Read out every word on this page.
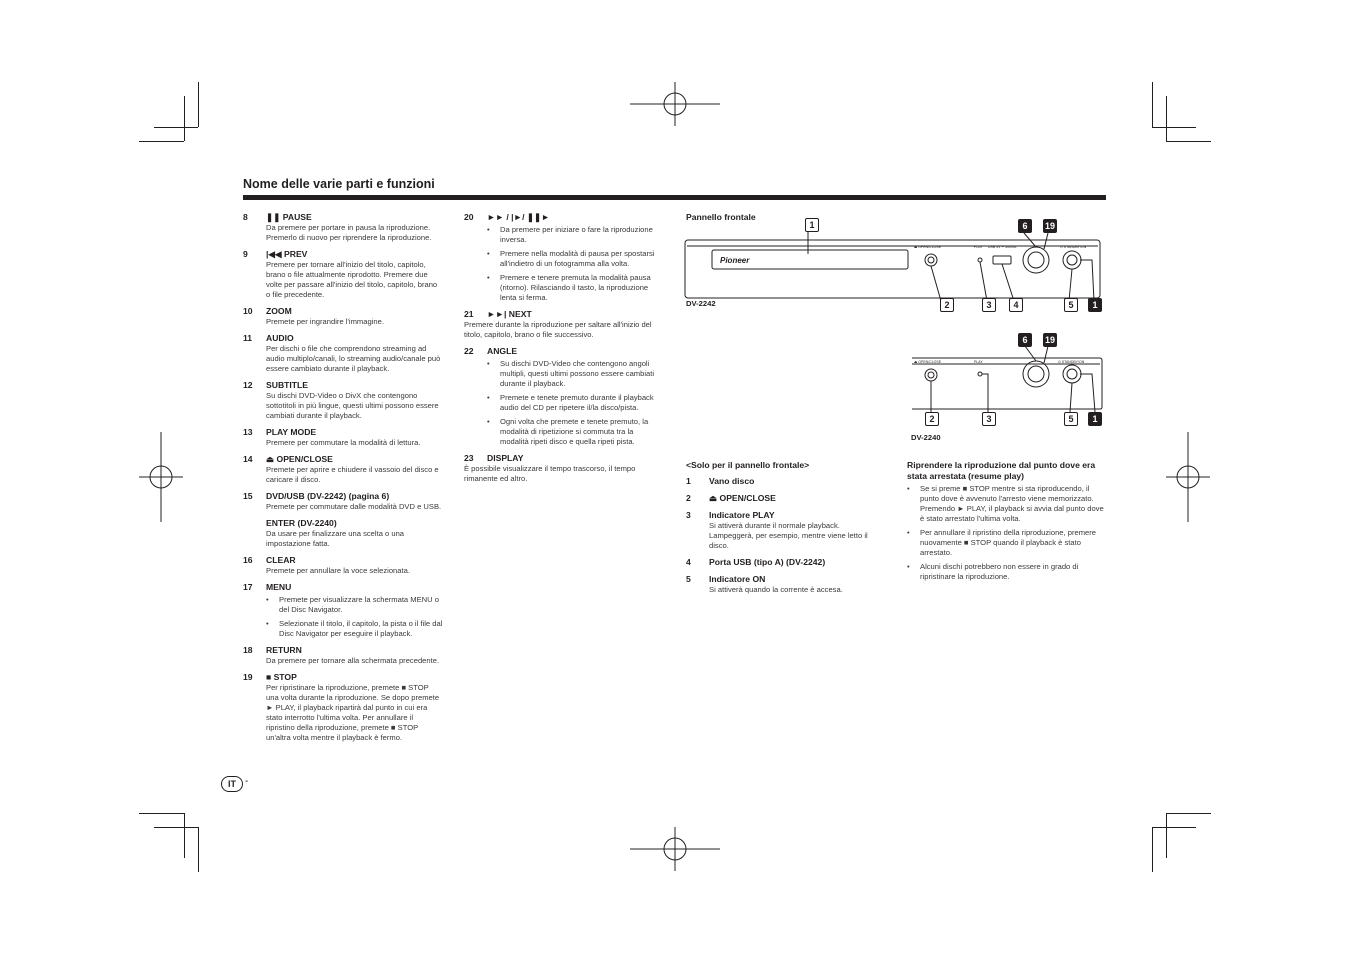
Nome delle varie parti e funzioni
8 ❚❚ PAUSE
Da premere per portare in pausa la riproduzione. Premerlo di nuovo per riprendere la riproduzione.
9 |◀◀ PREV
Premere per tornare all'inizio del titolo, capitolo, brano o file attualmente riprodotto. Premere due volte per passare all'inizio del titolo, capitolo, brano o file precedente.
10 ZOOM
Premete per ingrandire l'immagine.
11 AUDIO
Per dischi o file che comprendono streaming ad audio multiplo/canali, lo streaming audio/canale può essere cambiato durante il playback.
12 SUBTITLE
Su dischi DVD-Video o DivX che contengono sottotitoli in più lingue, questi ultimi possono essere cambiati durante il playback.
13 PLAY MODE
Premere per commutare la modalità di lettura.
14 ⏏ OPEN/CLOSE
Premete per aprire e chiudere il vassoio del disco e caricare il disco.
15 DVD/USB (DV-2242) (pagina 6)
Premete per commutare dalle modalità DVD e USB.
ENTER (DV-2240)
Da usare per finalizzare una scelta o una impostazione fatta.
16 CLEAR
Premete per annullare la voce selezionata.
17 MENU
• Premete per visualizzare la schermata MENU o del Disc Navigator.
• Selezionate il titolo, il capitolo, la pista o il file dal Disc Navigator per eseguire il playback.
18 RETURN
Da premere per tornare alla schermata precedente.
19 ■ STOP
Per ripristinare la riproduzione, premete ■ STOP una volta durante la riproduzione. Se dopo premete ► PLAY, il playback ripartirà dal punto in cui era stato interrotto l'ultima volta. Per annullare il ripristino della riproduzione, premete ■ STOP un'altra volta mentre il playback è fermo.
20 ►► / |►/ ❚❚►
• Da premere per iniziare o fare la riproduzione inversa.
• Premere nella modalità di pausa per spostarsi all'indietro di un fotogramma alla volta.
• Premere e tenere premuta la modalità pausa (ritorno). Rilasciando il tasto, la riproduzione lenta si ferma.
21 ►►| NEXT
Premere durante la riproduzione per saltare all'inizio del titolo, capitolo, brano o file successivo.
22 ANGLE
• Su dischi DVD-Video che contengono angoli multipli, questi ultimi possono essere cambiati durante il playback.
• Premete e tenete premuto durante il playback audio del CD per ripetere il/la disco/pista.
• Ogni volta che premete e tenete premuto, la modalità di ripetizione si commuta tra la modalità ripeti disco e quella ripeti pista.
23 DISPLAY
È possibile visualizzare il tempo trascorso, il tempo rimanente ed altro.
Pannello frontale
Pioneer
⏏ OPEN/CLOSE	PLAY USB 5V ⎓ 500mA	⏻ STANDBY/ON
1	6	19
2	3	4	5	1
DV-2242
⏏ OPEN/CLOSE	PLAY	⏻ STANDBY/ON
6	19
2	3	5	1
DV-2240
<Solo per il pannello frontale>
1 Vano disco
2 ⏏ OPEN/CLOSE
3 Indicatore PLAY
Si attiverà durante il normale playback. Lampeggerà, per esempio, mentre viene letto il disco.
4 Porta USB (tipo A) (DV-2242)
5 Indicatore ON
Si attiverà quando la corrente è accesa.
Riprendere la riproduzione dal punto dove era stata arrestata (resume play)
• Se si preme ■ STOP mentre si sta riproducendo, il punto dove è avvenuto l'arresto viene memorizzato. Premendo ► PLAY, il playback si avvia dal punto dove è stato arrestato l'ultima volta.
• Per annullare il ripristino della riproduzione, premere nuovamente ■ STOP quando il playback è stato arrestato.
• Alcuni dischi potrebbero non essere in grado di ripristinare la riproduzione.
IT -
